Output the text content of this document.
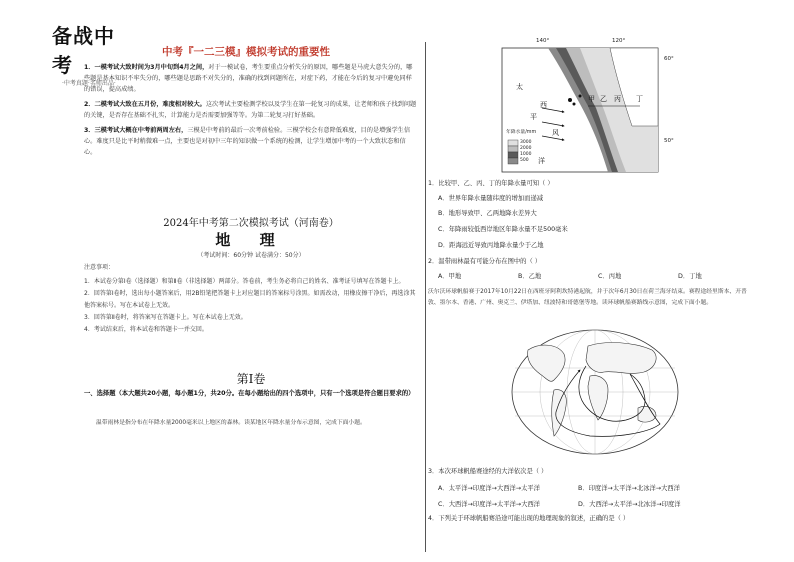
备战中考
·中考真题·名师出品·
中考『一二三模』模拟考试的重要性
1．一模考试大致时间为3月中旬到4月之间，对于一模试卷，考生要重点分析失分的原因，哪些题是马虎大意失分的，哪些题是基本知识不牢失分的，哪些题是思路不对失分的，准确的找到问题所在，对症下药，才能在今后的复习中避免同样的错误，提高成绩。
2．二模考试大致在五月份，难度相对较大。这次考试主要检测学校以及学生在第一轮复习的成果，让老师和孩子找到问题的关键，是否存在基础不扎实，计算能力是否需要加强等等。为第二轮复习打好基础。
3．三模考试大概在中考前两周左右，三模是中考前的最后一次考前检验。三模学校会有意降低难度，目的是增强学生信心。难度只是比平时稍微难一点，主要也是对初中三年的知识做一个系统的检测，让学生增加中考的一个大致状态和信心。
2024年中考第二次模拟考试（河南卷）
地 理
（考试时间：60分钟 试卷满分：50分）
注意事项：
1．本试卷分第Ⅰ卷（选择题）和第Ⅱ卷（非选择题）两部分。答卷前，考生务必将自己的姓名、准考证号填写在答题卡上。
2．回答第Ⅰ卷时，选出每小题答案后，用2B铅笔把答题卡上对应题目的答案标号涂黑。如需改动，用橡皮擦干净后，再选涂其他答案标号。写在本试卷上无效。
3．回答第Ⅱ卷时，将答案写在答题卡上。写在本试卷上无效。
4．考试结束后，将本试卷和答题卡一并交回。
第Ⅰ卷
一、选择题（本大题共20小题，每小题1分，共20分。在每小题给出的四个选项中，只有一个选项是符合题目要求的）
温带雨林是指分布在年降水量2000毫米以上地区的森林。读某地区年降水量分布示意图，完成下面小题。
140°	120°
60°
50°
太
平
洋
西
风
甲 乙 丙 丁
年降水量/mm
3000
2000
1000
500
1．比较甲、乙、丙、丁的年降水量可知（ ）
A．世界年降水量随纬度的增加而递减
B．地形导致甲、乙两地降水差异大
C．年降雨较低西岸地区年降水量不足500毫米
D．距海远近导致丙地降水量少于乙地
2．温带雨林最有可能分布在图中的（ ）
A．甲地	B．乙地	C．丙地	D．丁地
沃尔沃环球帆船赛于2017年10月22日在西班牙阿利坎特港起航，并于次年6月30日在荷兰海牙结束。赛程途经里斯本、开普敦、墨尔本、香港、广州、奥克兰、伊塔加、纽波特和哥德堡等地。读环球帆船赛路线示意图，完成下面小题。
3．本次环球帆船赛途经的大洋依次是（ ）
A．太平洋→印度洋→大西洋→太平洋	B．印度洋→太平洋→北冰洋→大西洋
C．大西洋→印度洋→太平洋→大西洋	D．大西洋→太平洋→北冰洋→印度洋
4．下列关于环球帆船赛沿途可能出现的地理现象的叙述，正确的是（ ）
